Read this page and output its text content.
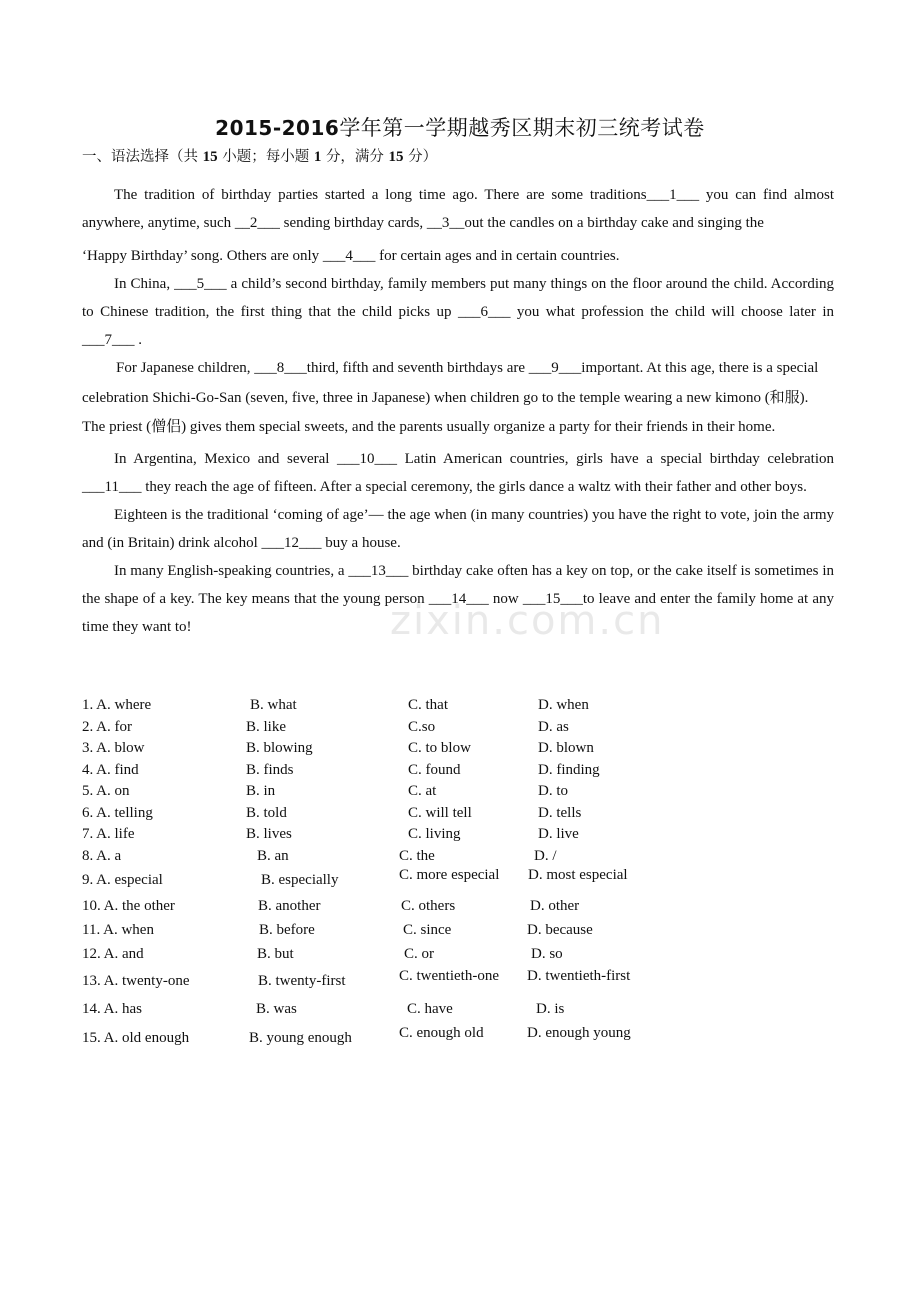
zixin.com.cn
2015-2016学年第一学期越秀区期末初三统考试卷
一、语法选择（共 15 小题；每小题 1 分，满分 15 分）

The tradition of birthday parties started a long time ago. There are some traditions___1___ you can find almost anywhere, anytime, such __2___ sending birthday cards, __3__out the candles on a birthday cake and singing the

‘Happy Birthday’ song. Others are only ___4___ for certain ages and in certain countries.

In China, ___5___ a child’s second birthday, family members put many things on the floor around the child. According to Chinese tradition, the first thing that the child picks up ___6___ you what profession the child will choose later in ___7___ .

For Japanese children, ___8___third, fifth and seventh birthdays are ___9___important. At this age, there is a special celebration Shichi-Go-San (seven, five, three in Japanese) when children go to the temple wearing a new kimono (和服). The priest (僧侣) gives them special sweets, and the parents usually organize a party for their friends in their home.

In Argentina, Mexico and several ___10___ Latin American countries, girls have a special birthday celebration ___11___ they reach the age of fifteen. After a special ceremony, the girls dance a waltz with their father and other boys.

Eighteen is the traditional ‘coming of age’— the age when (in many countries) you have the right to vote, join the army and (in Britain) drink alcohol ___12___ buy a house.

In many English-speaking countries, a ___13___ birthday cake often has a key on top, or the cake itself is sometimes in the shape of a key. The key means that the young person ___14___ now ___15___to leave and enter the family home at any time they want to!

1. A. where	B. what	C. that	D. when
2. A. for	B. like	C.so	D. as
3. A. blow	B. blowing	C. to blow	D. blown
4. A. find	B. finds	C. found	D. finding
5. A. on	B. in	C. at	D. to
6. A. telling	B. told	C. will tell	D. tells
7. A. life	B. lives	C. living	D. live
8. A. a	B. an	C. the	D. /
9. A. especial	B. especially	C. more especial D. most especial
10. A. the other	B. another	C. others	D. other
11. A. when	B. before	C. since	D. because
12. A. and	B. but	C. or	D. so
13. A. twenty-one	B. twenty-first	C. twentieth-one D. twentieth-first
14. A. has	B. was	C. have	D. is
15. A. old enough	B. young enough	C. enough old	D. enough young
